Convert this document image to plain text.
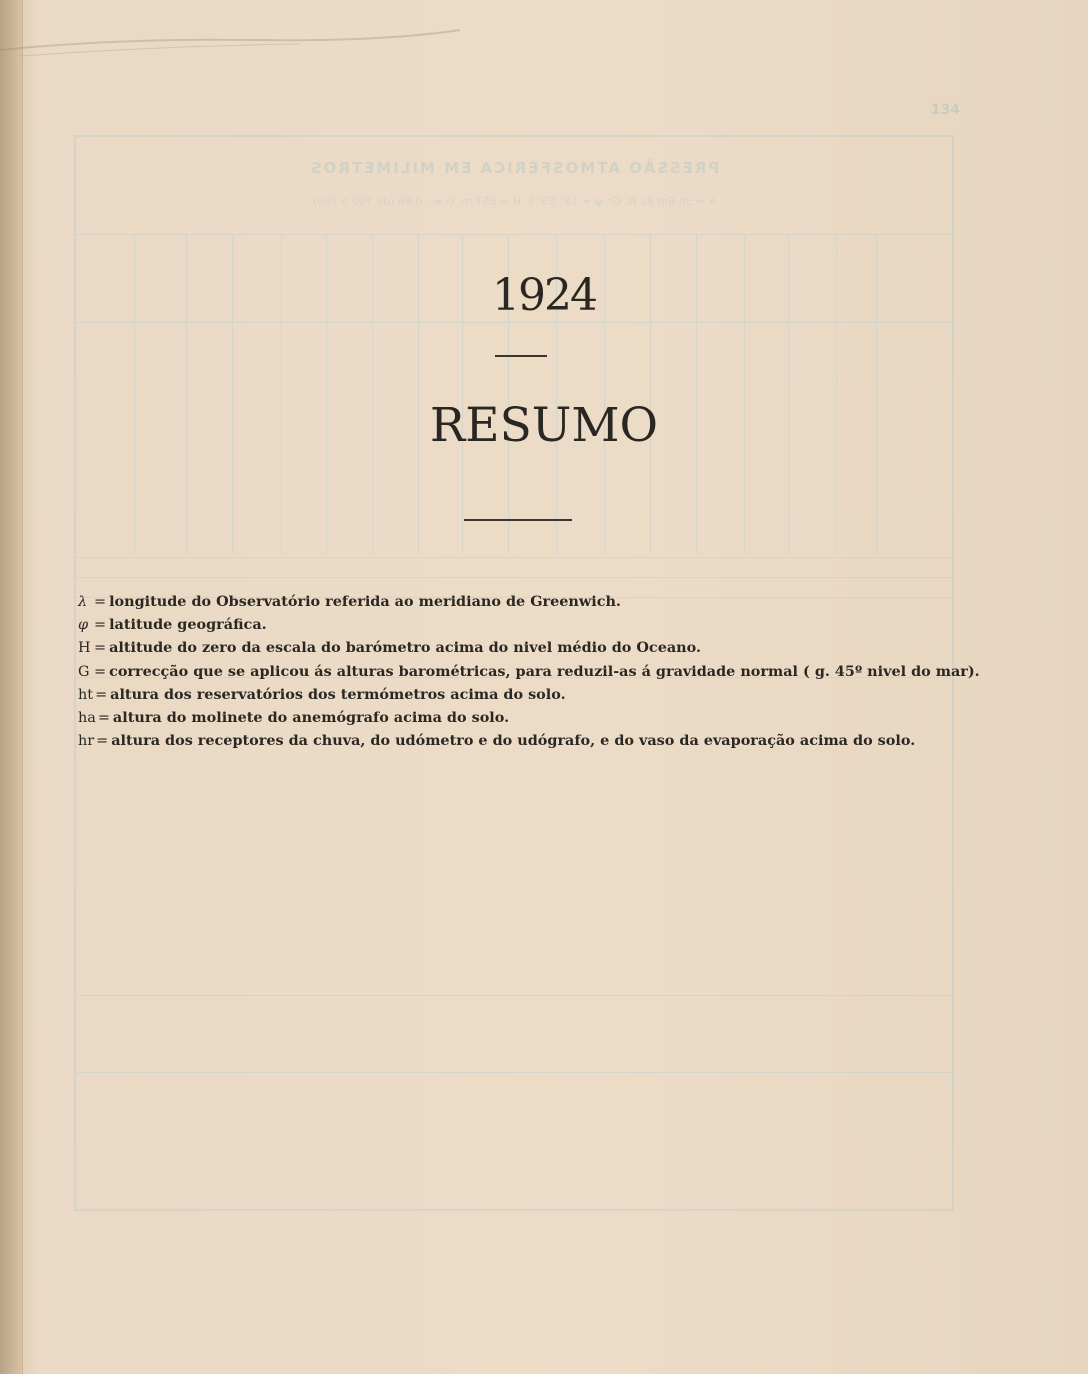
134
PRESSÃO ATMOSFÉRICA EM MILIMETROS
λ = 3h 6m 6s W. Gr. φ = 19° 55' S. H = 857 m. G = - 0,86 (de 700 a 760)
1924
RESUMO
λ = longitude do Observatório referida ao meridiano de Greenwich.
φ = latitude geográfica.
H = altitude do zero da escala do barómetro acima do nivel médio do Oceano.
G = correcção que se aplicou ás alturas barométricas, para reduzil-as á gravidade normal ( g. 45º nivel do mar).
ht = altura dos reservatórios dos termómetros acima do solo.
ha = altura do molinete do anemógrafo acima do solo.
hr = altura dos receptores da chuva, do udómetro e do udógrafo, e do vaso da evaporação acima do solo.
